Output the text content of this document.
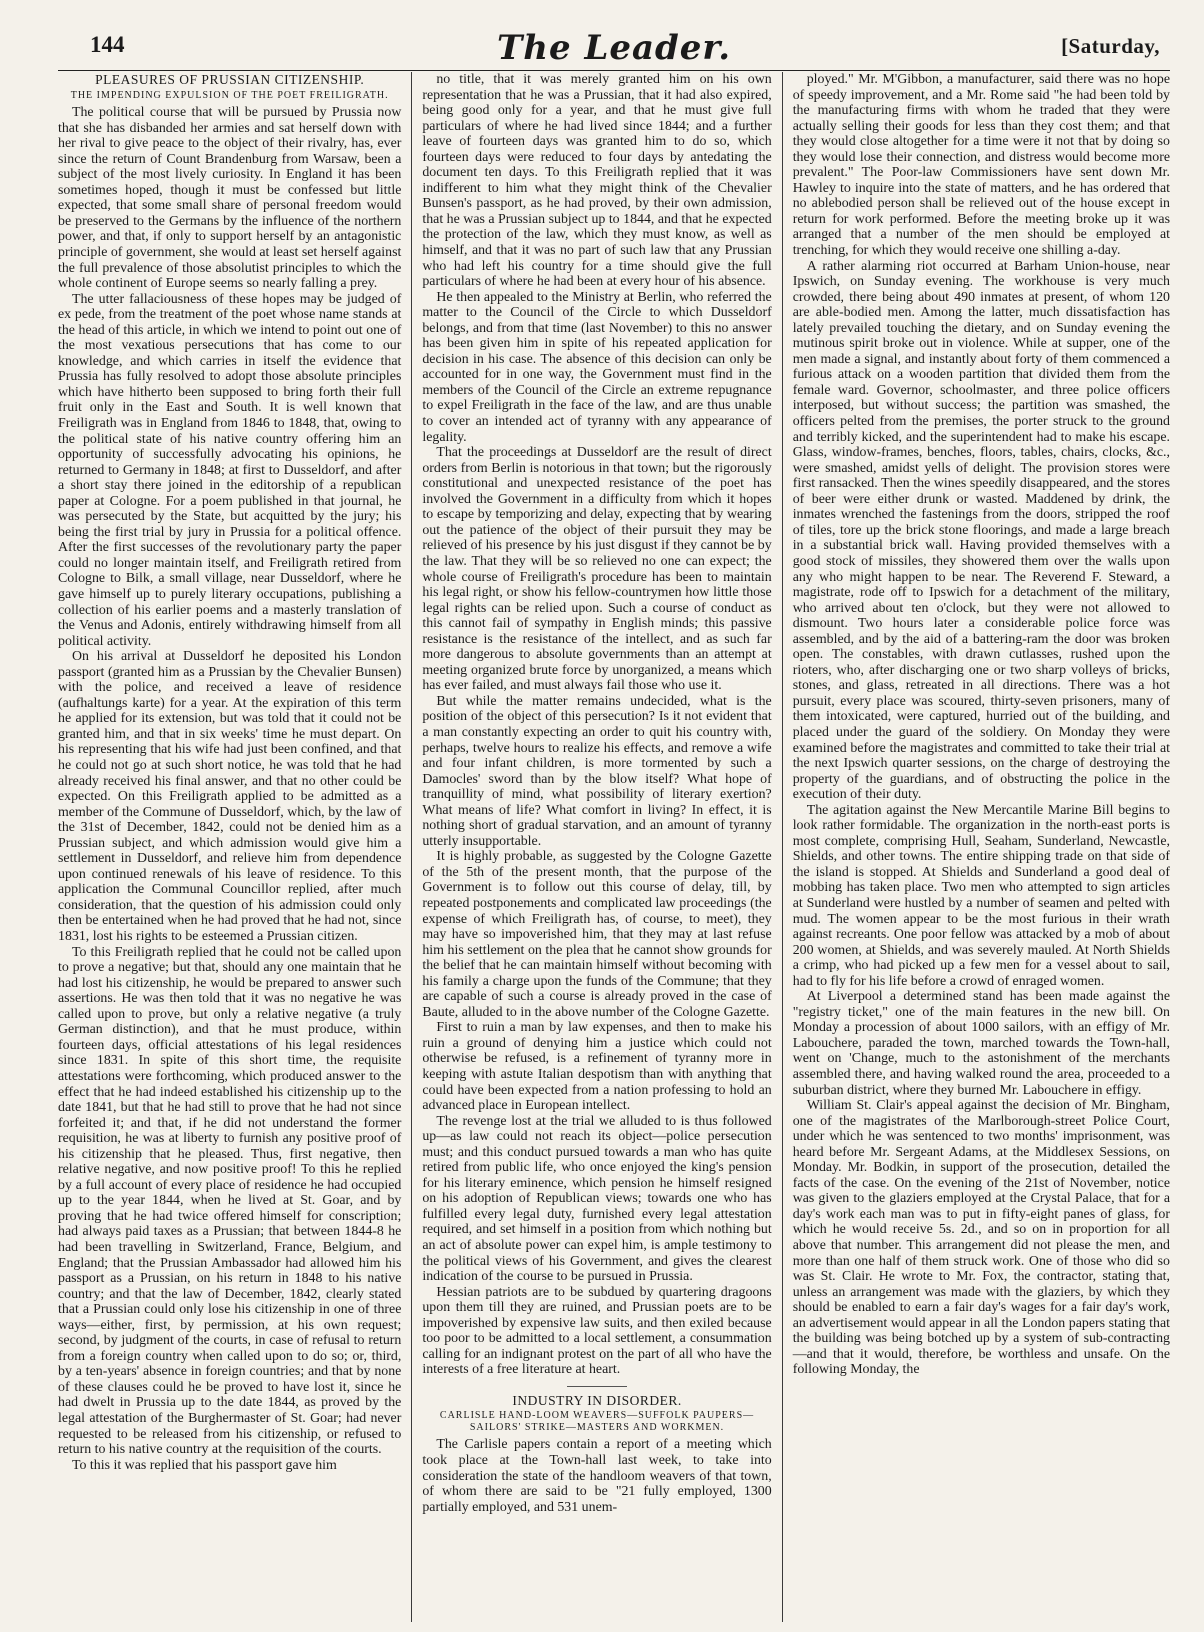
144	The Leader.	[Saturday,
PLEASURES OF PRUSSIAN CITIZENSHIP.
THE IMPENDING EXPULSION OF THE POET FREILIGRATH.

The political course that will be pursued by Prussia now that she has disbanded her armies and sat herself down with her rival to give peace to the object of their rivalry, has, ever since the return of Count Brandenburg from Warsaw, been a subject of the most lively curiosity. In England it has been sometimes hoped, though it must be confessed but little expected, that some small share of personal freedom would be preserved to the Germans by the influence of the northern power, and that, if only to support herself by an antagonistic principle of government, she would at least set herself against the full prevalence of those absolutist principles to which the whole continent of Europe seems so nearly falling a prey.

The utter fallaciousness of these hopes may be judged of ex pede, from the treatment of the poet whose name stands at the head of this article, in which we intend to point out one of the most vexatious persecutions that has come to our knowledge, and which carries in itself the evidence that Prussia has fully resolved to adopt those absolute principles which have hitherto been supposed to bring forth their full fruit only in the East and South. It is well known that Freiligrath was in England from 1846 to 1848, that, owing to the political state of his native country offering him an opportunity of successfully advocating his opinions, he returned to Germany in 1848; at first to Dusseldorf, and after a short stay there joined in the editorship of a republican paper at Cologne. For a poem published in that journal, he was persecuted by the State, but acquitted by the jury; his being the first trial by jury in Prussia for a political offence. After the first successes of the revolutionary party the paper could no longer maintain itself, and Freiligrath retired from Cologne to Bilk, a small village, near Dusseldorf, where he gave himself up to purely literary occupations, publishing a collection of his earlier poems and a masterly translation of the Venus and Adonis, entirely withdrawing himself from all political activity.

On his arrival at Dusseldorf he deposited his London passport (granted him as a Prussian by the Chevalier Bunsen) with the police, and received a leave of residence (aufhaltungs karte) for a year. At the expiration of this term he applied for its extension, but was told that it could not be granted him, and that in six weeks' time he must depart. On his representing that his wife had just been confined, and that he could not go at such short notice, he was told that he had already received his final answer, and that no other could be expected. On this Freiligrath applied to be admitted as a member of the Commune of Dusseldorf, which, by the law of the 31st of December, 1842, could not be denied him as a Prussian subject, and which admission would give him a settlement in Dusseldorf, and relieve him from dependence upon continued renewals of his leave of residence. To this application the Communal Councillor replied, after much consideration, that the question of his admission could only then be entertained when he had proved that he had not, since 1831, lost his rights to be esteemed a Prussian citizen.

To this Freiligrath replied that he could not be called upon to prove a negative; but that, should any one maintain that he had lost his citizenship, he would be prepared to answer such assertions. He was then told that it was no negative he was called upon to prove, but only a relative negative (a truly German distinction), and that he must produce, within fourteen days, official attestations of his legal residences since 1831. In spite of this short time, the requisite attestations were forthcoming, which produced answer to the effect that he had indeed established his citizenship up to the date 1841, but that he had still to prove that he had not since forfeited it; and that, if he did not understand the former requisition, he was at liberty to furnish any positive proof of his citizenship that he pleased. Thus, first negative, then relative negative, and now positive proof! To this he replied by a full account of every place of residence he had occupied up to the year 1844, when he lived at St. Goar, and by proving that he had twice offered himself for conscription; had always paid taxes as a Prussian; that between 1844-8 he had been travelling in Switzerland, France, Belgium, and England; that the Prussian Ambassador had allowed him his passport as a Prussian, on his return in 1848 to his native country; and that the law of December, 1842, clearly stated that a Prussian could only lose his citizenship in one of three ways—either, first, by permission, at his own request; second, by judgment of the courts, in case of refusal to return from a foreign country when called upon to do so; or, third, by a ten-years' absence in foreign countries; and that by none of these clauses could he be proved to have lost it, since he had dwelt in Prussia up to the date 1844, as proved by the legal attestation of the Burghermaster of St. Goar; had never requested to be released from his citizenship, or refused to return to his native country at the requisition of the courts.

To this it was replied that his passport gave him

no title, that it was merely granted him on his own representation that he was a Prussian, that it had also expired, being good only for a year, and that he must give full particulars of where he had lived since 1844; and a further leave of fourteen days was granted him to do so, which fourteen days were reduced to four days by antedating the document ten days. To this Freiligrath replied that it was indifferent to him what they might think of the Chevalier Bunsen's passport, as he had proved, by their own admission, that he was a Prussian subject up to 1844, and that he expected the protection of the law, which they must know, as well as himself, and that it was no part of such law that any Prussian who had left his country for a time should give the full particulars of where he had been at every hour of his absence.

He then appealed to the Ministry at Berlin, who referred the matter to the Council of the Circle to which Dusseldorf belongs, and from that time (last November) to this no answer has been given him in spite of his repeated application for decision in his case. The absence of this decision can only be accounted for in one way, the Government must find in the members of the Council of the Circle an extreme repugnance to expel Freiligrath in the face of the law, and are thus unable to cover an intended act of tyranny with any appearance of legality.

That the proceedings at Dusseldorf are the result of direct orders from Berlin is notorious in that town; but the rigorously constitutional and unexpected resistance of the poet has involved the Government in a difficulty from which it hopes to escape by temporizing and delay, expecting that by wearing out the patience of the object of their pursuit they may be relieved of his presence by his just disgust if they cannot be by the law. That they will be so relieved no one can expect; the whole course of Freiligrath's procedure has been to maintain his legal right, or show his fellow-countrymen how little those legal rights can be relied upon. Such a course of conduct as this cannot fail of sympathy in English minds; this passive resistance is the resistance of the intellect, and as such far more dangerous to absolute governments than an attempt at meeting organized brute force by unorganized, a means which has ever failed, and must always fail those who use it.

But while the matter remains undecided, what is the position of the object of this persecution? Is it not evident that a man constantly expecting an order to quit his country with, perhaps, twelve hours to realize his effects, and remove a wife and four infant children, is more tormented by such a Damocles' sword than by the blow itself? What hope of tranquillity of mind, what possibility of literary exertion? What means of life? What comfort in living? In effect, it is nothing short of gradual starvation, and an amount of tyranny utterly insupportable.

It is highly probable, as suggested by the Cologne Gazette of the 5th of the present month, that the purpose of the Government is to follow out this course of delay, till, by repeated postponements and complicated law proceedings (the expense of which Freiligrath has, of course, to meet), they may have so impoverished him, that they may at last refuse him his settlement on the plea that he cannot show grounds for the belief that he can maintain himself without becoming with his family a charge upon the funds of the Commune; that they are capable of such a course is already proved in the case of Baute, alluded to in the above number of the Cologne Gazette.

First to ruin a man by law expenses, and then to make his ruin a ground of denying him a justice which could not otherwise be refused, is a refinement of tyranny more in keeping with astute Italian despotism than with anything that could have been expected from a nation professing to hold an advanced place in European intellect.

The revenge lost at the trial we alluded to is thus followed up—as law could not reach its object—police persecution must; and this conduct pursued towards a man who has quite retired from public life, who once enjoyed the king's pension for his literary eminence, which pension he himself resigned on his adoption of Republican views; towards one who has fulfilled every legal duty, furnished every legal attestation required, and set himself in a position from which nothing but an act of absolute power can expel him, is ample testimony to the political views of his Government, and gives the clearest indication of the course to be pursued in Prussia.

Hessian patriots are to be subdued by quartering dragoons upon them till they are ruined, and Prussian poets are to be impoverished by expensive law suits, and then exiled because too poor to be admitted to a local settlement, a consummation calling for an indignant protest on the part of all who have the interests of a free literature at heart.

INDUSTRY IN DISORDER.
CARLISLE HAND-LOOM WEAVERS—SUFFOLK PAUPERS—SAILORS' STRIKE—MASTERS AND WORKMEN.

The Carlisle papers contain a report of a meeting which took place at the Town-hall last week, to take into consideration the state of the handloom weavers of that town, of whom there are said to be "21 fully employed, 1300 partially employed, and 531 unem-

ployed." Mr. M'Gibbon, a manufacturer, said there was no hope of speedy improvement, and a Mr. Rome said "he had been told by the manufacturing firms with whom he traded that they were actually selling their goods for less than they cost them; and that they would close altogether for a time were it not that by doing so they would lose their connection, and distress would become more prevalent." The Poor-law Commissioners have sent down Mr. Hawley to inquire into the state of matters, and he has ordered that no ablebodied person shall be relieved out of the house except in return for work performed. Before the meeting broke up it was arranged that a number of the men should be employed at trenching, for which they would receive one shilling a-day.

A rather alarming riot occurred at Barham Union-house, near Ipswich, on Sunday evening. The workhouse is very much crowded, there being about 490 inmates at present, of whom 120 are able-bodied men. Among the latter, much dissatisfaction has lately prevailed touching the dietary, and on Sunday evening the mutinous spirit broke out in violence. While at supper, one of the men made a signal, and instantly about forty of them commenced a furious attack on a wooden partition that divided them from the female ward. Governor, schoolmaster, and three police officers interposed, but without success; the partition was smashed, the officers pelted from the premises, the porter struck to the ground and terribly kicked, and the superintendent had to make his escape. Glass, window-frames, benches, floors, tables, chairs, clocks, &c., were smashed, amidst yells of delight. The provision stores were first ransacked. Then the wines speedily disappeared, and the stores of beer were either drunk or wasted. Maddened by drink, the inmates wrenched the fastenings from the doors, stripped the roof of tiles, tore up the brick stone floorings, and made a large breach in a substantial brick wall. Having provided themselves with a good stock of missiles, they showered them over the walls upon any who might happen to be near. The Reverend F. Steward, a magistrate, rode off to Ipswich for a detachment of the military, who arrived about ten o'clock, but they were not allowed to dismount. Two hours later a considerable police force was assembled, and by the aid of a battering-ram the door was broken open. The constables, with drawn cutlasses, rushed upon the rioters, who, after discharging one or two sharp volleys of bricks, stones, and glass, retreated in all directions. There was a hot pursuit, every place was scoured, thirty-seven prisoners, many of them intoxicated, were captured, hurried out of the building, and placed under the guard of the soldiery. On Monday they were examined before the magistrates and committed to take their trial at the next Ipswich quarter sessions, on the charge of destroying the property of the guardians, and of obstructing the police in the execution of their duty.

The agitation against the New Mercantile Marine Bill begins to look rather formidable. The organization in the north-east ports is most complete, comprising Hull, Seaham, Sunderland, Newcastle, Shields, and other towns. The entire shipping trade on that side of the island is stopped. At Shields and Sunderland a good deal of mobbing has taken place. Two men who attempted to sign articles at Sunderland were hustled by a number of seamen and pelted with mud. The women appear to be the most furious in their wrath against recreants. One poor fellow was attacked by a mob of about 200 women, at Shields, and was severely mauled. At North Shields a crimp, who had picked up a few men for a vessel about to sail, had to fly for his life before a crowd of enraged women.

At Liverpool a determined stand has been made against the "registry ticket," one of the main features in the new bill. On Monday a procession of about 1000 sailors, with an effigy of Mr. Labouchere, paraded the town, marched towards the Town-hall, went on 'Change, much to the astonishment of the merchants assembled there, and having walked round the area, proceeded to a suburban district, where they burned Mr. Labouchere in effigy.

William St. Clair's appeal against the decision of Mr. Bingham, one of the magistrates of the Marlborough-street Police Court, under which he was sentenced to two months' imprisonment, was heard before Mr. Sergeant Adams, at the Middlesex Sessions, on Monday. Mr. Bodkin, in support of the prosecution, detailed the facts of the case. On the evening of the 21st of November, notice was given to the glaziers employed at the Crystal Palace, that for a day's work each man was to put in fifty-eight panes of glass, for which he would receive 5s. 2d., and so on in proportion for all above that number. This arrangement did not please the men, and more than one half of them struck work. One of those who did so was St. Clair. He wrote to Mr. Fox, the contractor, stating that, unless an arrangement was made with the glaziers, by which they should be enabled to earn a fair day's wages for a fair day's work, an advertisement would appear in all the London papers stating that the building was being botched up by a system of sub-contracting—and that it would, therefore, be worthless and unsafe. On the following Monday, the
